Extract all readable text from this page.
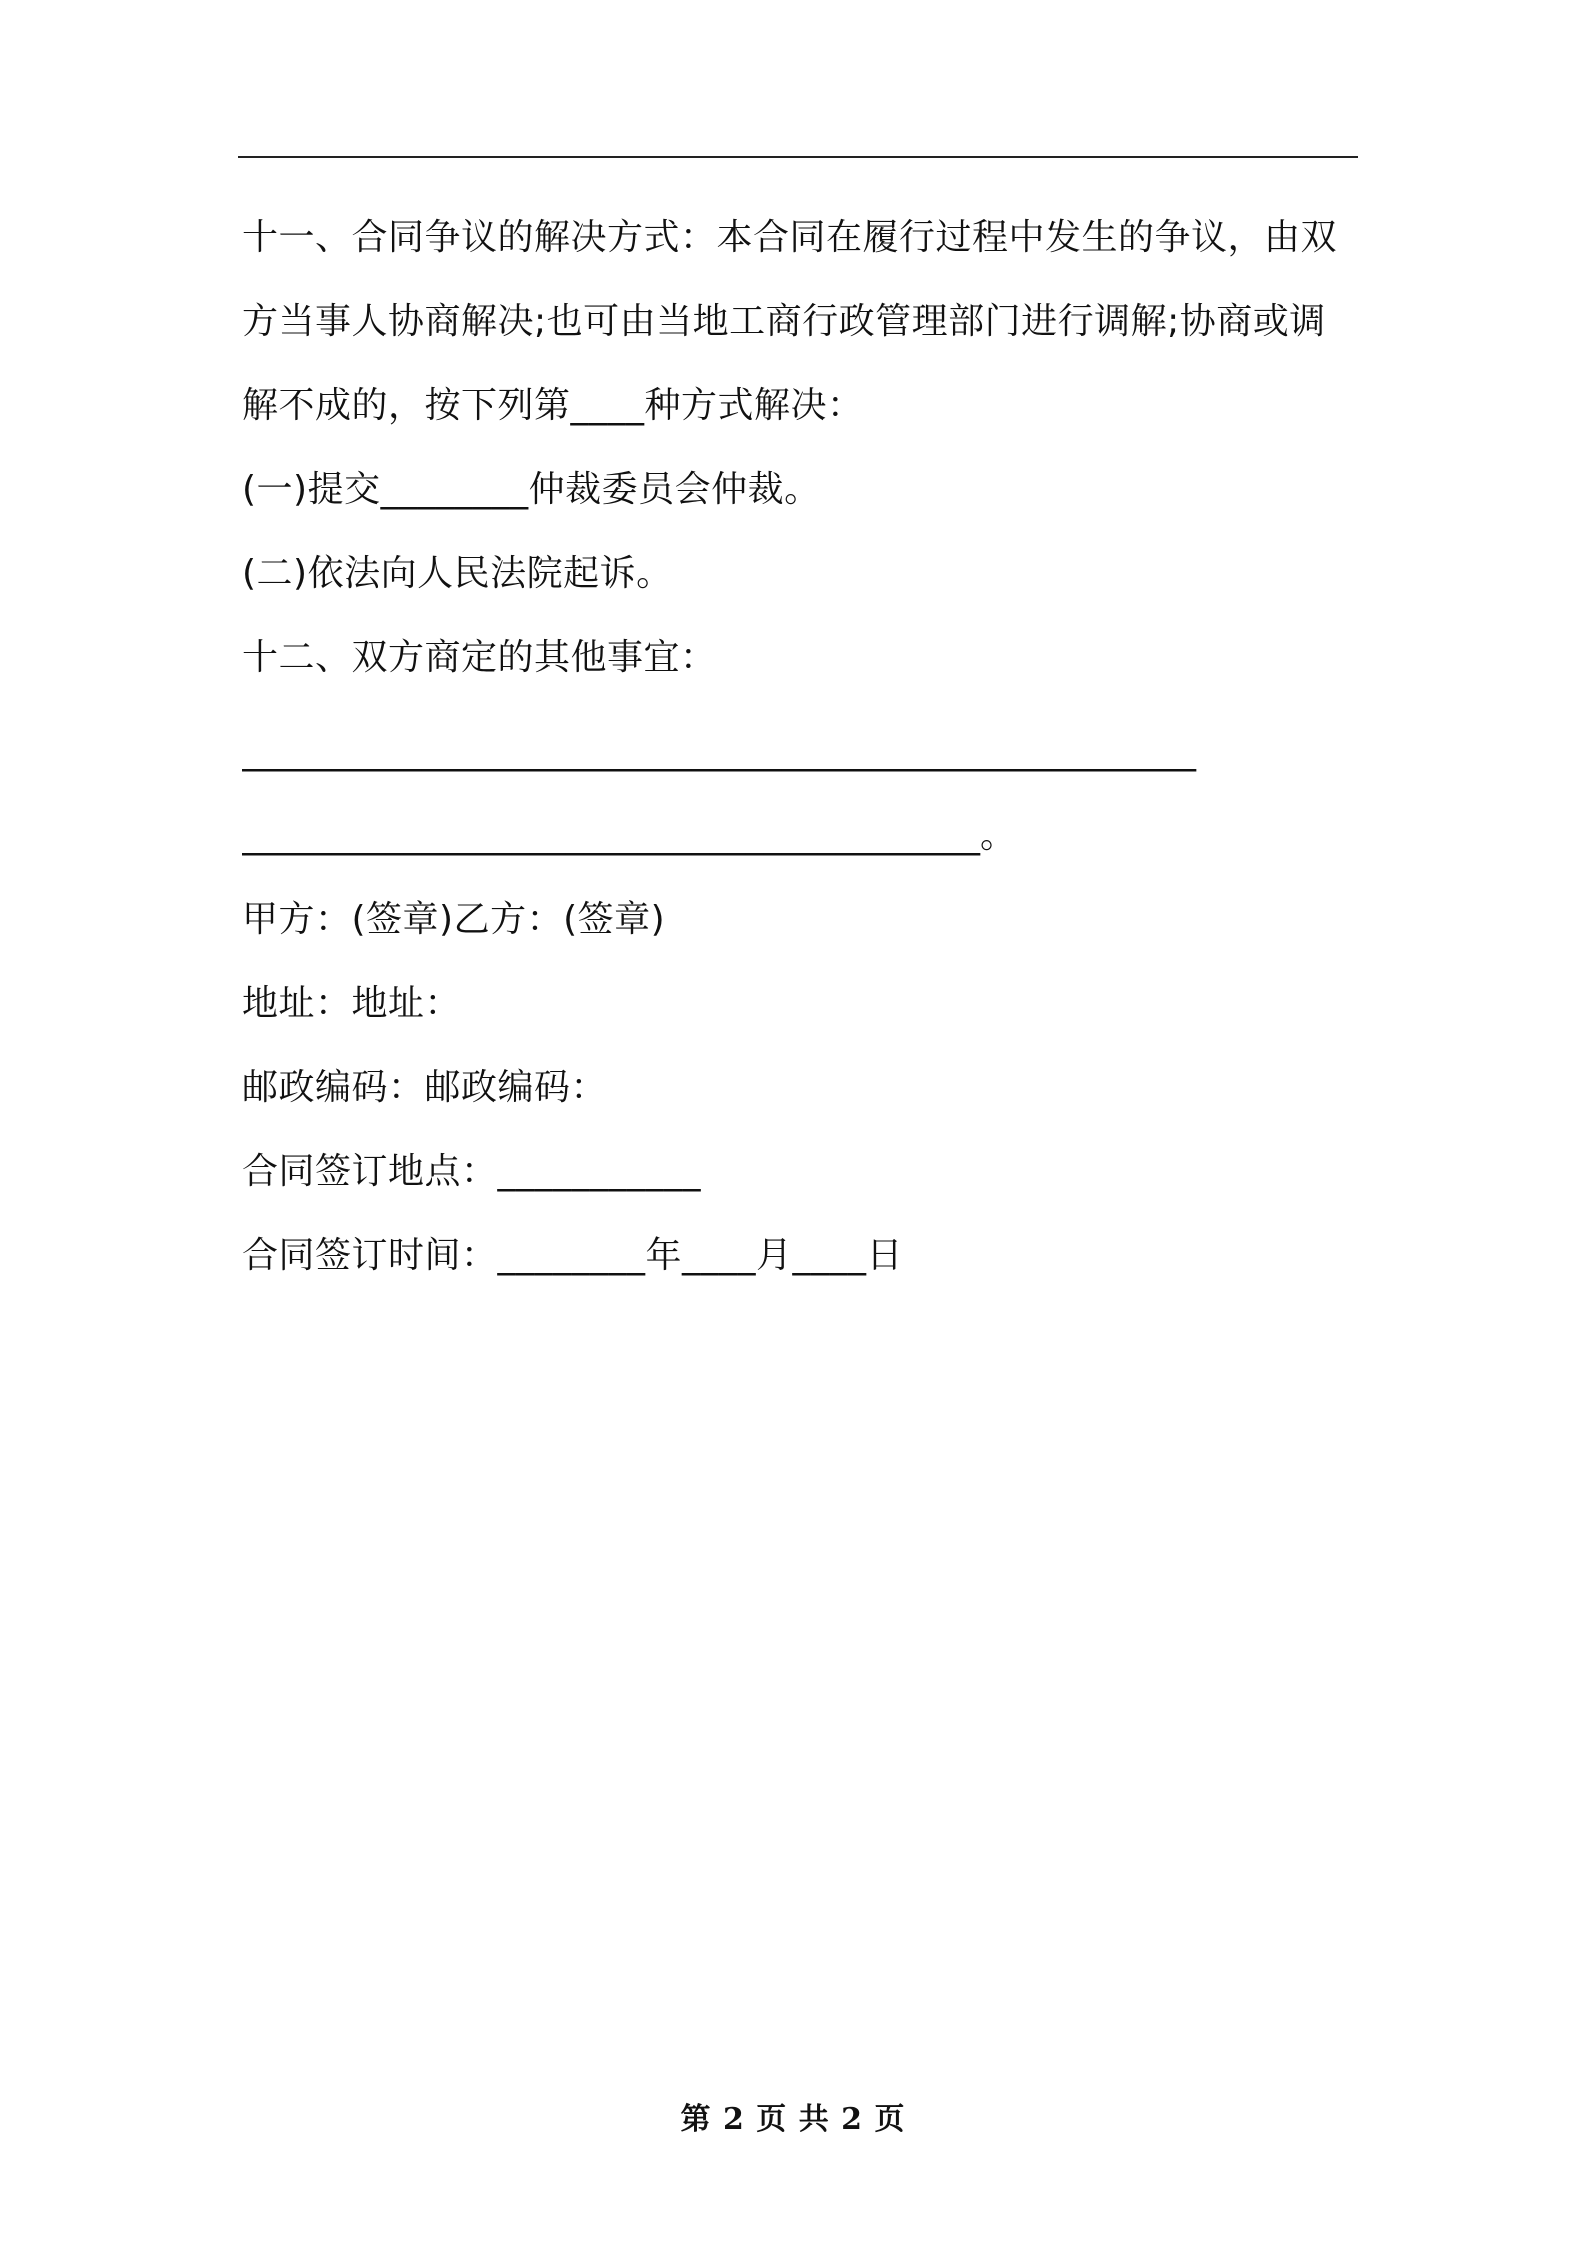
十一、合同争议的解决方式：本合同在履行过程中发生的争议，由双
方当事人协商解决;也可由当地工商行政管理部门进行调解;协商或调
解不成的，按下列第____种方式解决：
(一)提交________仲裁委员会仲裁。
(二)依法向人民法院起诉。
十二、双方商定的其他事宜：
_____________________________________________________
_________________________________________。
甲方：(签章)乙方：(签章)
地址：地址：
邮政编码：邮政编码：
合同签订地点：___________
合同签订时间：________年____月____日
第 2 页 共 2 页
